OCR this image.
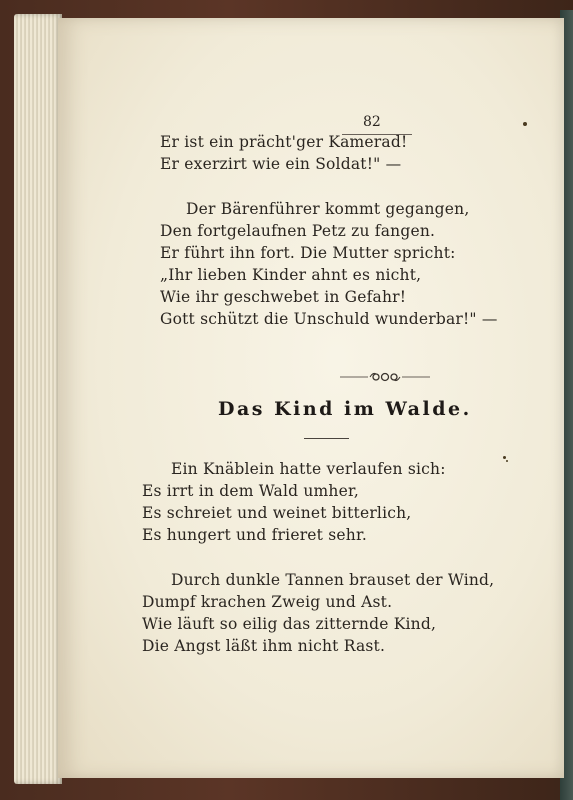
82

Er ist ein prächt'ger Kamerad!

Er exerzirt wie ein Soldat!" —

Der Bärenführer kommt gegangen,

Den fortgelaufnen Petz zu fangen.

Er führt ihn fort. Die Mutter spricht:

„Ihr lieben Kinder ahnt es nicht,

Wie ihr geschwebet in Gefahr!

Gott schützt die Unschuld wunderbar!" —

Das Kind im Walde.

Ein Knäblein hatte verlaufen sich:

Es irrt in dem Wald umher,

Es schreiet und weinet bitterlich,

Es hungert und frieret sehr.

Durch dunkle Tannen brauset der Wind,

Dumpf krachen Zweig und Ast.

Wie läuft so eilig das zitternde Kind,

Die Angst läßt ihm nicht Rast.
